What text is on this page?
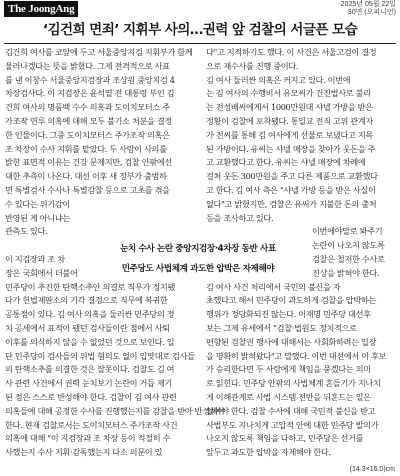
The JoongAng	2025년 05월 22일
30면 (오피니언)
‘김건희 면죄’ 지휘부 사의…권력 앞 검찰의 서글픈 모습
김건희 여사를 코앞에 두고 서울중앙지검 지휘부가 함께
물러나겠다는 뜻을 밝혔다. 그제 전격적으로 사표
를 낸 이창수 서울중앙지검장과 조상원 중앙지검 4
차장검사다. 이 지검장은 윤석열 전 대통령 부인 김
건희 여사의 명품백 수수 의혹과 도이치모터스 주
가조작 연루 의혹에 대해 모두 불기소 처분을 결정
한 인물이다. 그중 도이치모터스 주가조작 의혹은
조 차장이 수사 지휘를 맡았다. 두 사람이 사의를
밝힌 표면적 이유는 건강 문제지만, 검찰 안팎에선
대한 추측이 나온다. 대선 이후 새 정부가 출범하
면 특별검사 수사나 특별감찰 등으로 고초를 겪을
수 있다는 위기감이
반영된 게 아니냐는
관측도 있다.
이 지검장과 조 차
장은 국회에서 더불어
민주당이 추진한 탄핵소추안 의결로 직무가 정지됐
다가 헌법재판소의 기각 결정으로 직무에 복귀한
공통점이 있다. 김 여사 의혹을 둘러싼 민주당의 정
치 공세에서 표적이 됐던 검사들이란 점에서 사퇴
이후를 의식하지 않을 수 없었던 것으로 보인다. 일
단 민주당이 검사들의 위법 혐의도 없이 입맛대로 검사들
의 탄핵소추를 의결한 것은 잘못이다. 검찰도 김 여
사 관련 사건에서 권력 눈치보기 논란이 거듭 제기
된 점은 스스로 반성해야 한다. 검찰이 김 여사 관련
의혹들에 대해 공정한 수사를 진행했는지를 감찰을 받아 반성해야
한다. 현재 검찰로서는 도이치모터스 주가조작 사건
의혹에 대해 "이 지검장과 조 차장 등이 적절히 수
사했는지 수사 지휘·감독했는지 다소 의문이 있
다"고 지적하기도 했다. 이 사건은 서울고검이 결정
으로 재수사를 진행 중이다.
김 여사 둘러싼 의혹은 커지고 있다. 이번에
는 김 여사의 수행비서 유모씨가 건진법사로 불리
는 전성배씨에게서 1000만원대 샤넬 가방을 받은
정황이 검찰에 포착됐다. 통일교 전직 고위 관계자
가 전씨를 통해 김 여사에게 선물로 보냈다고 지목
된 가방이다. 유씨는 샤넬 매장을 찾아가 웃돈을 주
고 교환했다고 한다. 유씨는 샤넬 매장에 차례에
걸쳐 웃돈 300만원을 주고 다른 제품으로 교환했다
고 한다. 김 여사 측은 "샤넬 가방 등을 받은 사실이
없다"고 밝혔지만, 검찰은 유씨가 지불한 돈의 출처
등을 조사하고 있다.
이번에야말로 봐주기
논란이 나오지 않도록
검찰은 철저한 수사로
진상을 밝혀야 한다.
김 여사 사건 처리에서 국민의 불신을 자
초했다고 해서 민주당이 과도하게 검찰을 압박하는
행위가 정당화되진 않는다. 이재명 민주당 대선후
보는 그제 유세에서 "검찰·법원도 정치적으로
편향된 검찰권 행사에 대해서는 사회화하려는 입장
을 명확히 밝혀왔다"고 말했다. 이번 대선에서 이 후보
가 승리한다면 두 사람에게 책임을 묻겠다는 의미
로 읽힌다. 민주당 안팎의 사법체계 흔들기가 지나치
게 이해관계로 사법 시스템 전반을 뒤흔드는 일은
없어야 한다. 검찰 수사에 대해 국민적 불신을 받고
사법부도 지나치게 고압적 안에 대한 민주당 발의가
나오지 않도록 책임을 다하고, 민주당은 선거를
앞두고 과도한 압박을 자제해야 한다.
눈치 수사 논란 중앙지검장·4차장 동반 사표
민주당도 사법체계 과도한 압박은 자제해야
(14.3×16.0)cm
